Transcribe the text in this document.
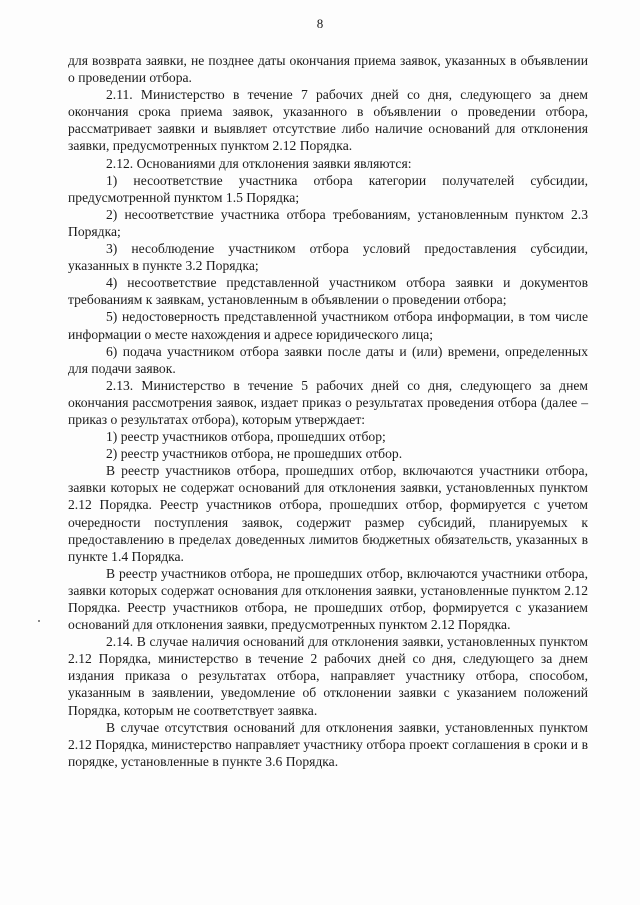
8

для возврата заявки, не позднее даты окончания приема заявок, указанных в объявлении о проведении отбора.

2.11. Министерство в течение 7 рабочих дней со дня, следующего за днем окончания срока приема заявок, указанного в объявлении о проведении отбора, рассматривает заявки и выявляет отсутствие либо наличие оснований для отклонения заявки, предусмотренных пунктом 2.12 Порядка.

2.12. Основаниями для отклонения заявки являются:

1) несоответствие участника отбора категории получателей субсидии, предусмотренной пунктом 1.5 Порядка;

2) несоответствие участника отбора требованиям, установленным пунктом 2.3 Порядка;

3) несоблюдение участником отбора условий предоставления субсидии, указанных в пункте 3.2 Порядка;

4) несоответствие представленной участником отбора заявки и документов требованиям к заявкам, установленным в объявлении о проведении отбора;

5) недостоверность представленной участником отбора информации, в том числе информации о месте нахождения и адресе юридического лица;

6) подача участником отбора заявки после даты и (или) времени, определенных для подачи заявок.

2.13. Министерство в течение 5 рабочих дней со дня, следующего за днем окончания рассмотрения заявок, издает приказ о результатах проведения отбора (далее – приказ о результатах отбора), которым утверждает:

1) реестр участников отбора, прошедших отбор;

2) реестр участников отбора, не прошедших отбор.

В реестр участников отбора, прошедших отбор, включаются участники отбора, заявки которых не содержат оснований для отклонения заявки, установленных пунктом 2.12 Порядка. Реестр участников отбора, прошедших отбор, формируется с учетом очередности поступления заявок, содержит размер субсидий, планируемых к предоставлению в пределах доведенных лимитов бюджетных обязательств, указанных в пункте 1.4 Порядка.

В реестр участников отбора, не прошедших отбор, включаются участники отбора, заявки которых содержат основания для отклонения заявки, установленные пунктом 2.12 Порядка. Реестр участников отбора, не прошедших отбор, формируется с указанием оснований для отклонения заявки, предусмотренных пунктом 2.12 Порядка.

2.14. В случае наличия оснований для отклонения заявки, установленных пунктом 2.12 Порядка, министерство в течение 2 рабочих дней со дня, следующего за днем издания приказа о результатах отбора, направляет участнику отбора, способом, указанным в заявлении, уведомление об отклонении заявки с указанием положений Порядка, которым не соответствует заявка.

В случае отсутствия оснований для отклонения заявки, установленных пунктом 2.12 Порядка, министерство направляет участнику отбора проект соглашения в сроки и в порядке, установленные в пункте 3.6 Порядка.
